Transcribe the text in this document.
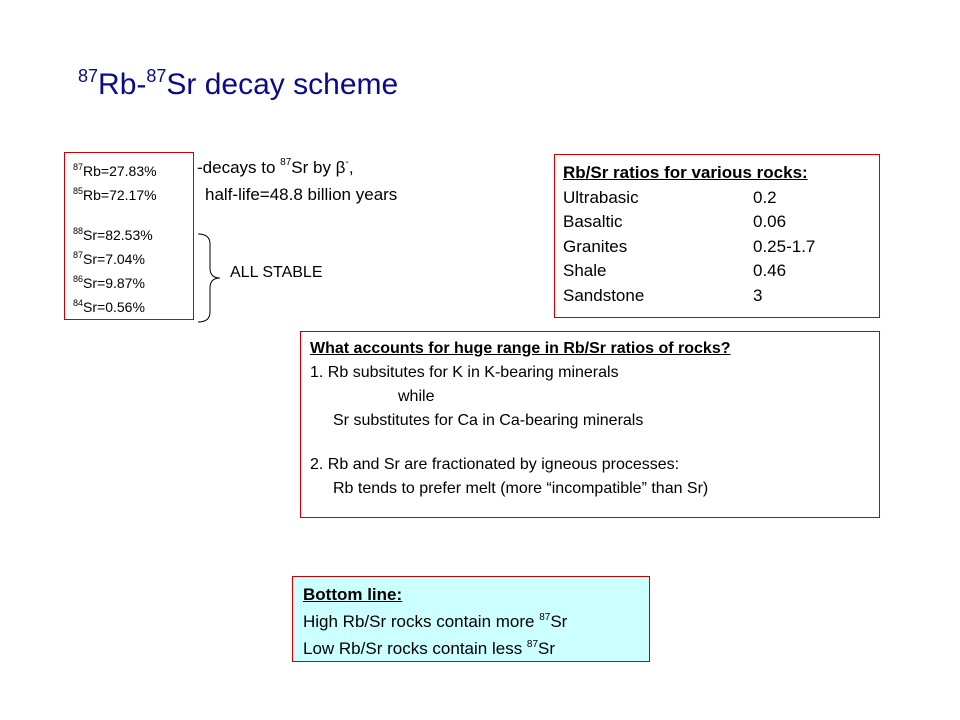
$^{87}$Rb-$^{87}$Sr decay scheme
$^{87}$Rb=27.83%
$^{85}$Rb=72.17%
$^{88}$Sr=82.53%
$^{87}$Sr=7.04%
$^{86}$Sr=9.87%
$^{84}$Sr=0.56%
-decays to $^{87}$Sr by β-,
half-life=48.8 billion years
ALL STABLE
Rb/Sr ratios for various rocks:
Ultrabasic	0.2
Basaltic	0.06
Granites	0.25-1.7
Shale	0.46
Sandstone	3
What accounts for huge range in Rb/Sr ratios of rocks?
1. Rb subsitutes for K in K-bearing minerals
while
Sr substitutes for Ca in Ca-bearing minerals
2. Rb and Sr are fractionated by igneous processes:
Rb tends to prefer melt (more “incompatible” than Sr)
Bottom line:
High Rb/Sr rocks contain more $^{87}$Sr
Low Rb/Sr rocks contain less $^{87}$Sr
